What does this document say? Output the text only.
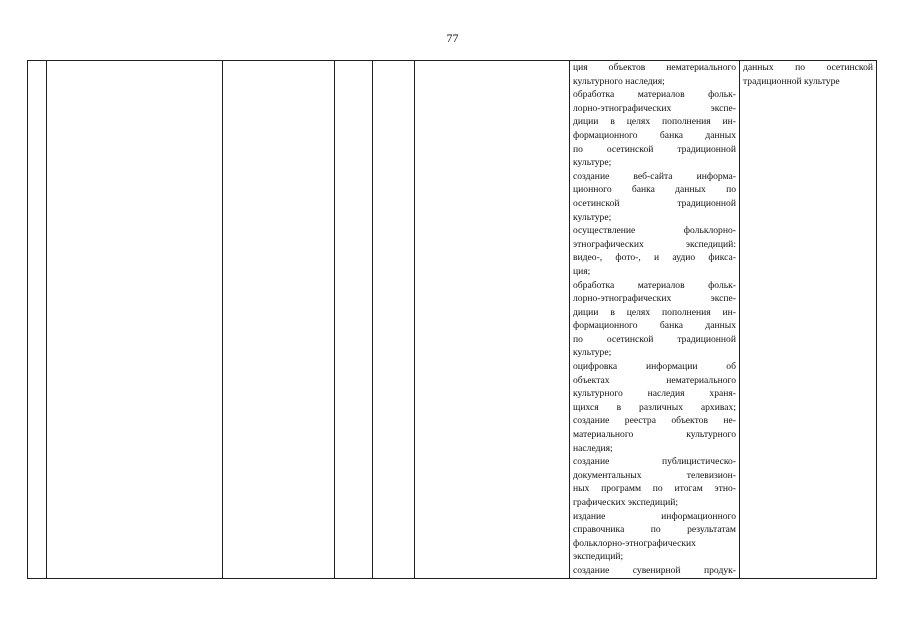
77

ция объектов нематериального
культурного наследия;
обработка материалов фольк-
лорно-этнографических экспе-
диции в целях пополнения ин-
формационного банка данных
по осетинской традиционной
культуре;
создание веб-сайта информа-
ционного банка данных по
осетинской традиционной
культуре;
осуществление фольклорно-
этнографических экспедиций:
видео-, фото-, и аудио фикса-
ция;
обработка материалов фольк-
лорно-этнографических экспе-
диции в целях пополнения ин-
формационного банка данных
по осетинской традиционной
культуре;
оцифровка информации об
объектах нематериального
культурного наследия храня-
щихся в различных архивах;
создание реестра объектов не-
материального культурного
наследия;
создание публицистическо-
документальных телевизион-
ных программ по итогам этно-
графических экспедиций;
издание информационного
справочника по результатам
фольклорно-этнографических
экспедиций;
создание сувенирной продук-

данных по осетинской
традиционной культуре
